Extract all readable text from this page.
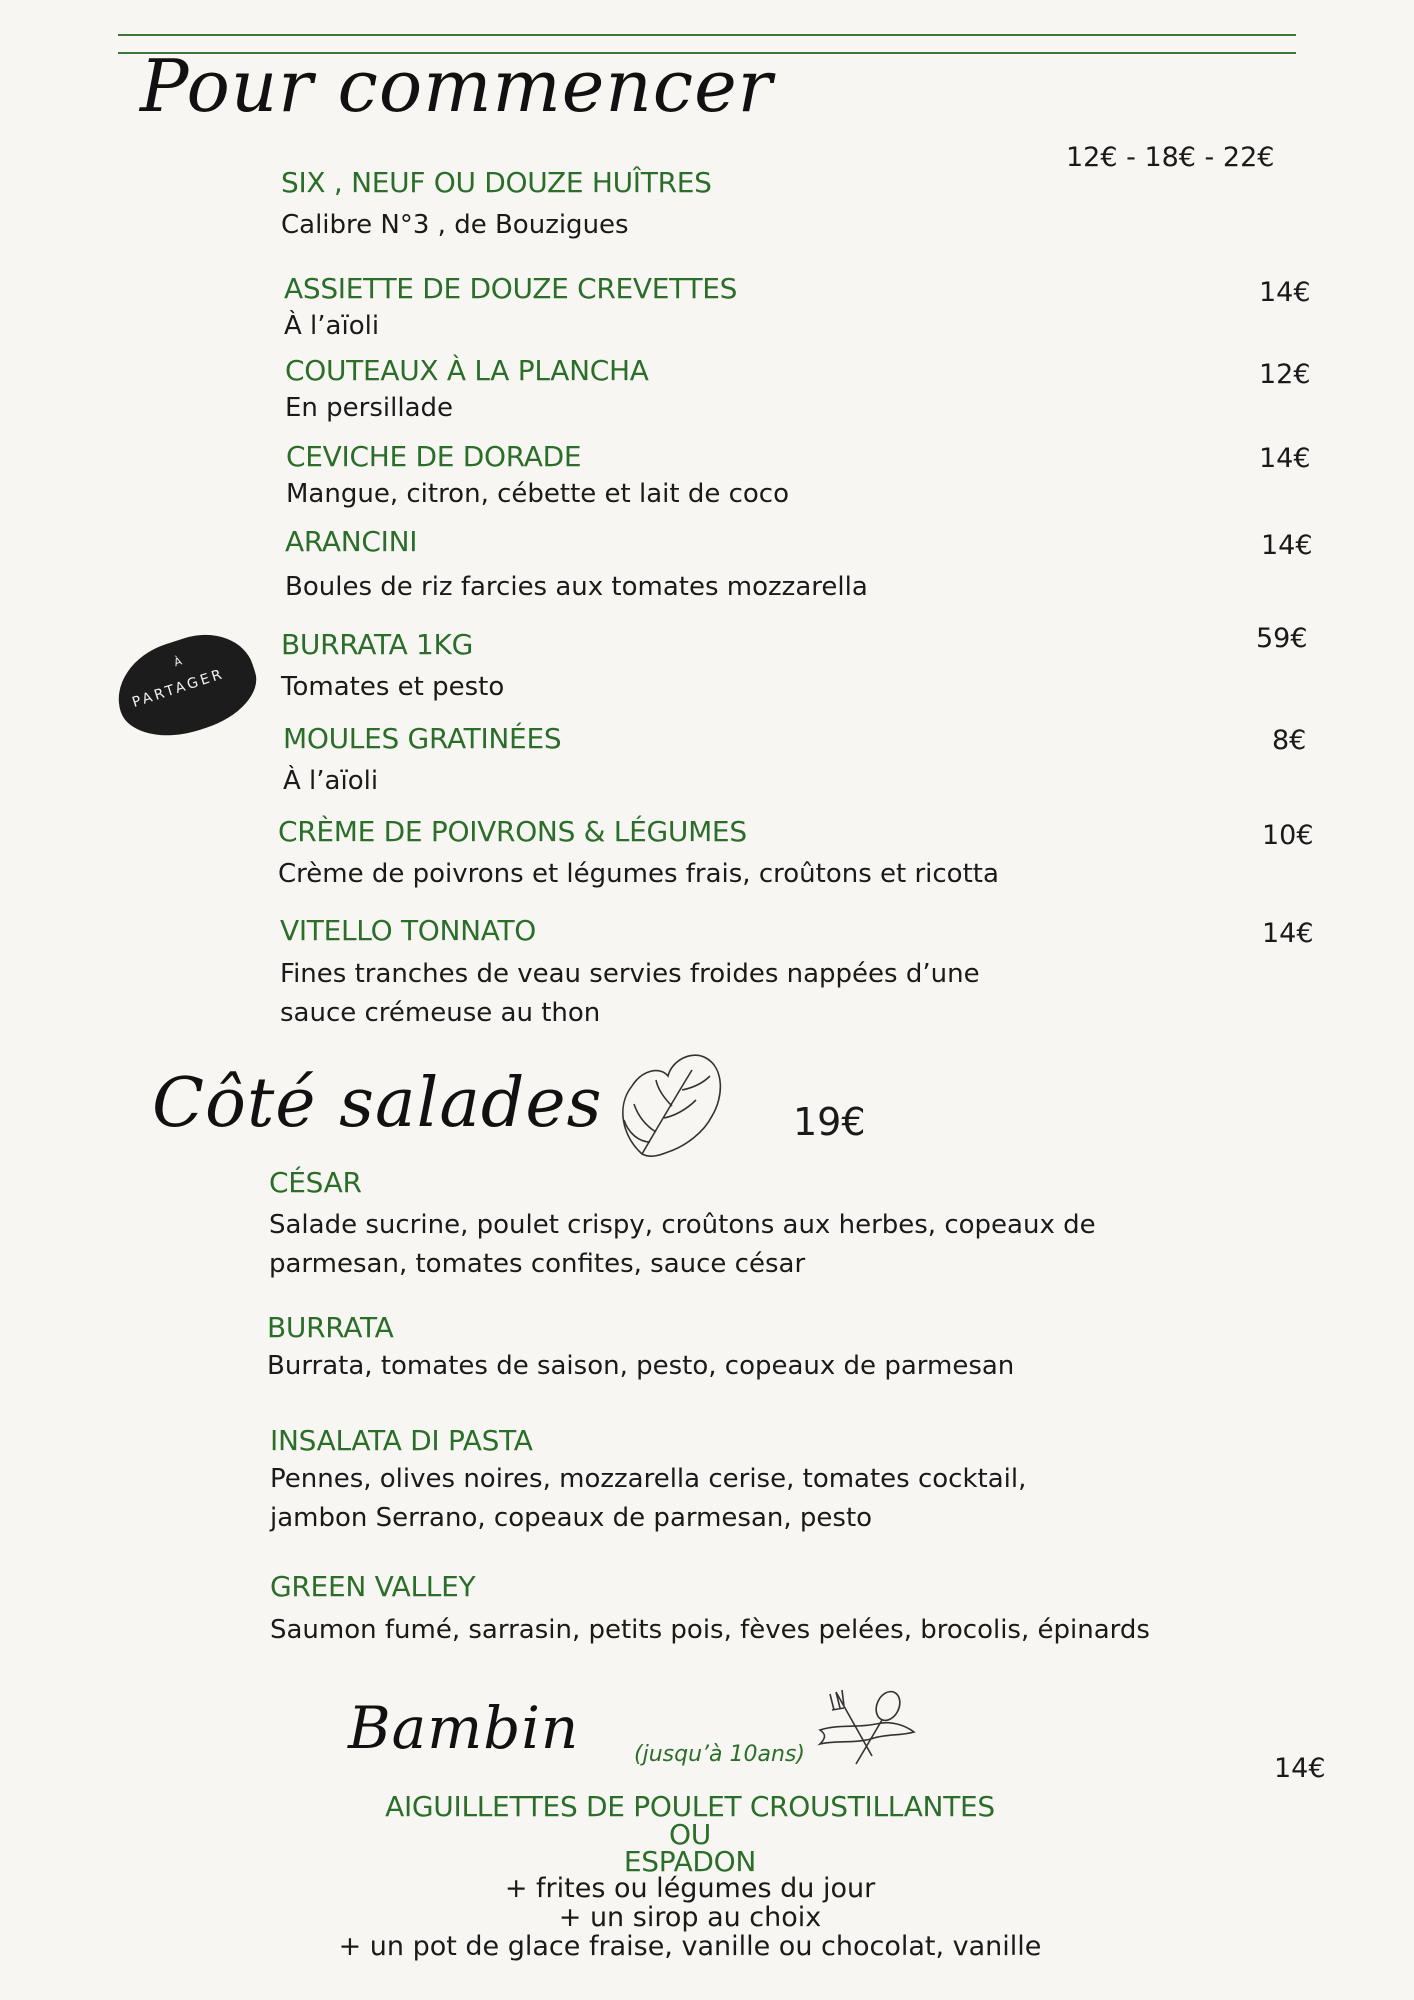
Pour commencer
SIX , NEUF OU DOUZE HUÎTRES
Calibre N°3 , de Bouzigues
12€ - 18€ - 22€
ASSIETTE DE DOUZE CREVETTES
À l’aïoli
14€
COUTEAUX À LA PLANCHA
En persillade
12€
CEVICHE DE DORADE
Mangue, citron, cébette et lait de coco
14€
ARANCINI
Boules de riz farcies aux tomates mozzarella
14€
BURRATA 1KG
Tomates et pesto
59€
À
PARTAGER
MOULES GRATINÉES
À l’aïoli
8€
CRÈME DE POIVRONS & LÉGUMES
Crème de poivrons et légumes frais, croûtons et ricotta
10€
VITELLO TONNATO
Fines tranches de veau servies froides nappées d’une
sauce crémeuse au thon
14€
Côté salades	19€
CÉSAR
Salade sucrine, poulet crispy, croûtons aux herbes, copeaux de
parmesan, tomates confites, sauce césar
BURRATA
Burrata, tomates de saison, pesto, copeaux de parmesan
INSALATA DI PASTA
Pennes, olives noires, mozzarella cerise, tomates cocktail,
jambon Serrano, copeaux de parmesan, pesto
GREEN VALLEY
Saumon fumé, sarrasin, petits pois, fèves pelées, brocolis, épinards
Bambin (jusqu’à 10ans)	14€
AIGUILLETTES DE POULET CROUSTILLANTES
OU
ESPADON
+ frites ou légumes du jour
+ un sirop au choix
+ un pot de glace fraise, vanille ou chocolat, vanille
